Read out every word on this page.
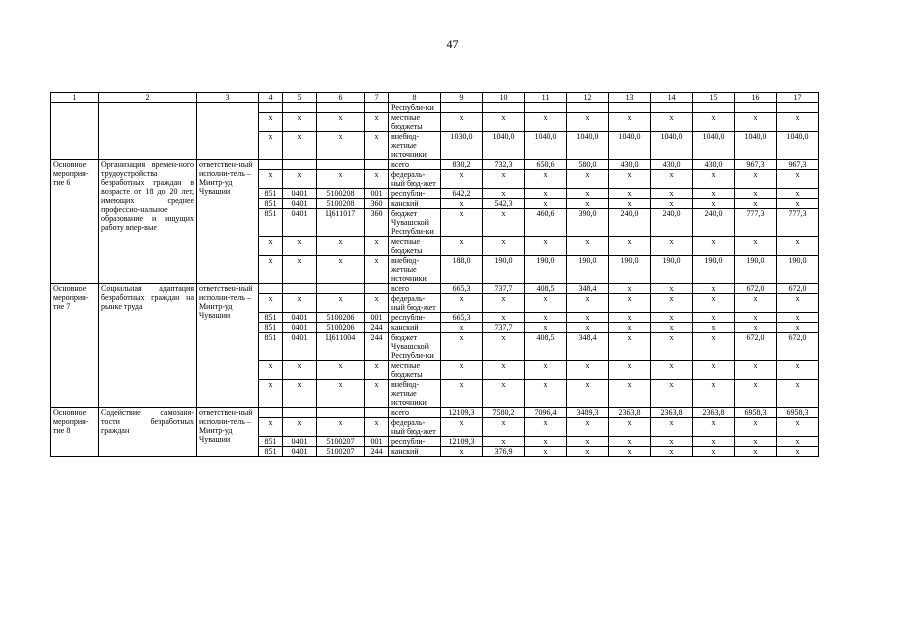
47
1	2	3	4	5	6	7	8	9	10	11	12	13	14	15	16	17
							Республи-ки									
			х	х	х	х	местные бюджеты	х	х	х	х	х	х	х	х	х
			х	х	х	х	внебюд-жетные источники	1030,0	1040,0	1040,0	1040,0	1040,0	1040,0	1040,0	1040,0	1040,0
Основное мероприя-тие 6	Организация времен-ного трудоустройства безработных граждан в возрасте от 18 до 20 лет, имеющих среднее профессио-нальное образование и ищущих работу впер-вые	ответствен-ный исполни-тель – Минтр-уд Чувашии					всего	830,2	732,3	650,6	580,0	430,0	430,0	430,0	967,3	967,3
			х	х	х	х	федераль-ный бюд-жет	х	х	х	х	х	х	х	х	х
			851	0401	5100208	001	республи-	642,2	х	х	х	х	х	х	х	х
			851	0401	5100208	360	канский	х	542,3	х	х	х	х	х	х	х
			851	0401	Ц611017	360	бюджет Чувашской Республи-ки	х	х	460,6	390,0	240,0	240,0	240,0	777,3	777,3
			х	х	х	х	местные бюджеты	х	х	х	х	х	х	х	х	х
			х	х	х	х	внебюд-жетные источники	188,0	190,0	190,0	190,0	190,0	190,0	190,0	190,0	190,0
Основное мероприя-тие 7	Социальная адаптация безработных граждан на рынке труда	ответствен-ный исполни-тель – Минтр-уд Чувашии					всего	665,3	737,7	408,5	348,4	х	х	х	672,0	672,0
			х	х	х	х	федераль-ный бюд-жет	х	х	х	х	х	х	х	х	х
			851	0401	5100206	001	республи-	665,3	х	х	х	х	х	х	х	х
			851	0401	5100206	244	канский	х	737,7	х	х	х	х	х	х	х
			851	0401	Ц611004	244	бюджет Чувашской Республи-ки	х	х	408,5	348,4	х	х	х	672,0	672,0
			х	х	х	х	местные бюджеты	х	х	х	х	х	х	х	х	х
			х	х	х	х	внебюд-жетные источники	х	х	х	х	х	х	х	х	х
Основное мероприя-тие 8	Содействие самозаня-тости безработных граждан	ответствен-ный исполни-тель – Минтр-уд Чувашии					всего	12109,3	7580,2	7096,4	3489,3	2363,8	2363,8	2363,8	6958,3	6958,3
			х	х	х	х	федераль-ный бюд-жет	х	х	х	х	х	х	х	х	х
			851	0401	5100207	001	республи-	12109,3	х	х	х	х	х	х	х	х
			851	0401	5100207	244	канский	х	376,9	х	х	х	х	х	х	х
